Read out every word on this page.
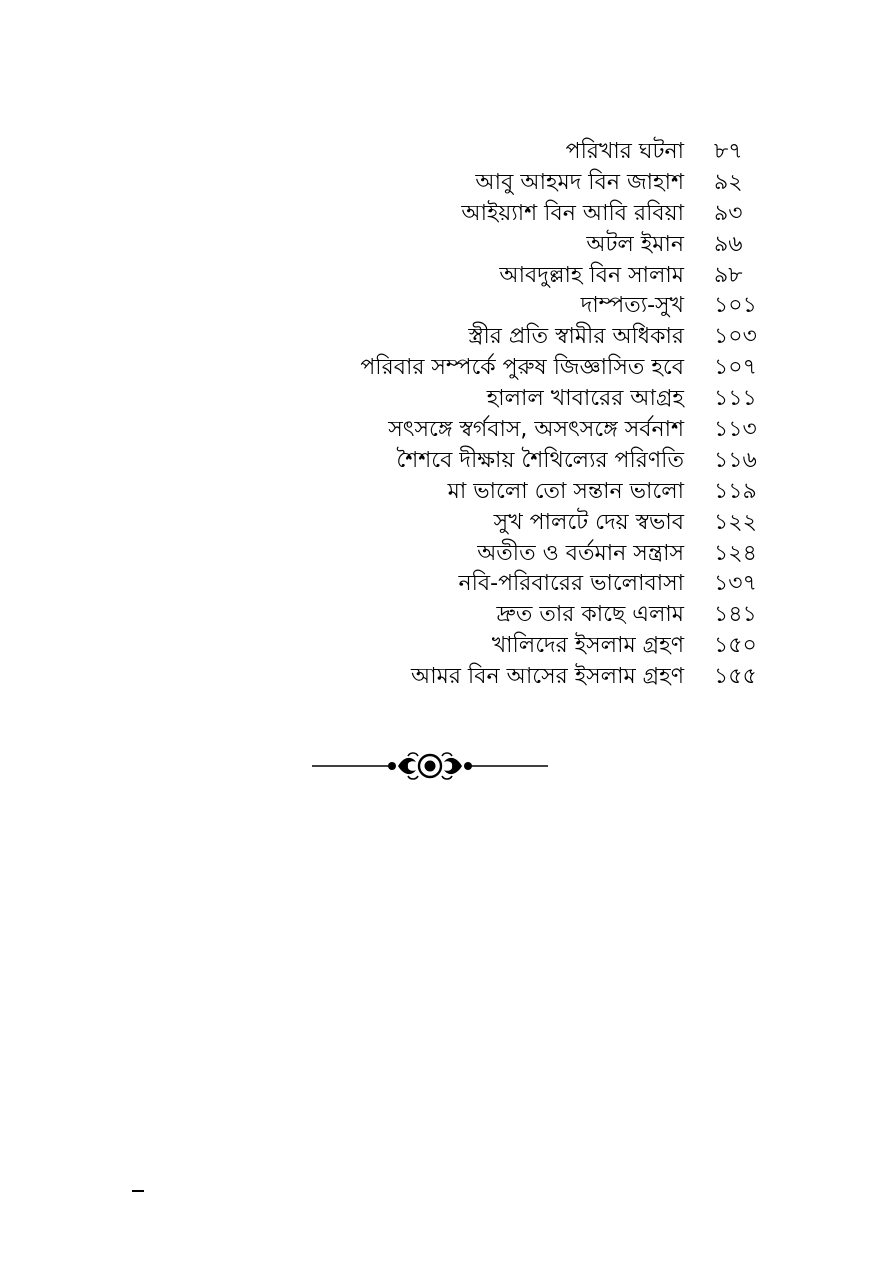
পরিখার ঘটনা ৮৭
আবু আহমদ বিন জাহাশ ৯২
আইয়্যাশ বিন আবি রবিয়া ৯৩
অটল ইমান ৯৬
আবদুল্লাহ বিন সালাম ৯৮
দাম্পত্য-সুখ ১০১
স্ত্রীর প্রতি স্বামীর অধিকার ১০৩
পরিবার সম্পর্কে পুরুষ জিজ্ঞাসিত হবে ১০৭
হালাল খাবারের আগ্রহ ১১১
সৎসঙ্গে স্বর্গবাস, অসৎসঙ্গে সর্বনাশ ১১৩
শৈশবে দীক্ষায় শৈথিল্যের পরিণতি ১১৬
মা ভালো তো সন্তান ভালো ১১৯
সুখ পালটে দেয় স্বভাব ১২২
অতীত ও বর্তমান সন্ত্রাস ১২৪
নবি-পরিবারের ভালোবাসা ১৩৭
দ্রুত তার কাছে এলাম ১৪১
খালিদের ইসলাম গ্রহণ ১৫০
আমর বিন আসের ইসলাম গ্রহণ ১৫৫
